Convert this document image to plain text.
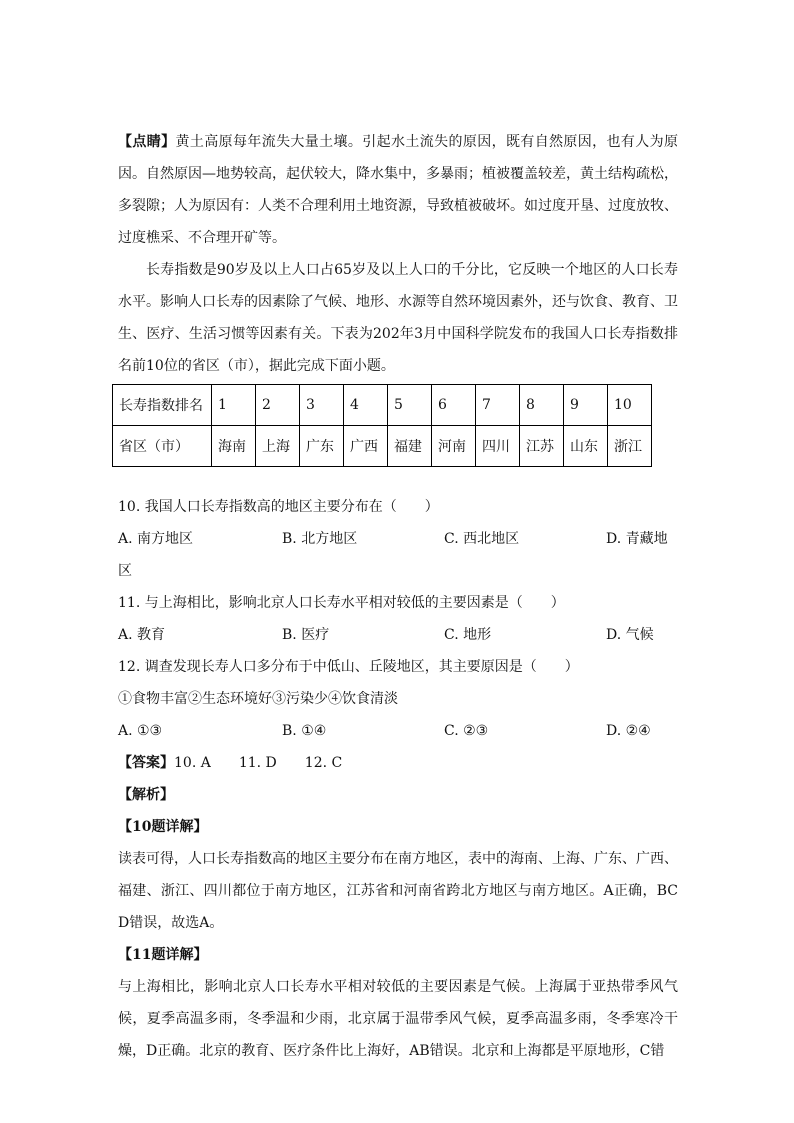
【点睛】黄土高原每年流失大量土壤。引起水土流失的原因，既有自然原因，也有人为原因。自然原因—地势较高，起伏较大，降水集中，多暴雨；植被覆盖较差，黄土结构疏松，多裂隙；人为原因有：人类不合理利用土地资源，导致植被破坏。如过度开垦、过度放牧、过度樵采、不合理开矿等。

长寿指数是90岁及以上人口占65岁及以上人口的千分比，它反映一个地区的人口长寿水平。影响人口长寿的因素除了气候、地形、水源等自然环境因素外，还与饮食、教育、卫生、医疗、生活习惯等因素有关。下表为202年3月中国科学院发布的我国人口长寿指数排名前10位的省区（市），据此完成下面小题。

长寿指数排名	1	2	3	4	5	6	7	8	9	10
省区（市）	海南	上海	广东	广西	福建	河南	四川	江苏	山东	浙江

10. 我国人口长寿指数高的地区主要分布在（　　）

A. 南方地区	B. 北方地区	C. 西北地区	D. 青藏地

区

11. 与上海相比，影响北京人口长寿水平相对较低的主要因素是（　　）

A. 教育	B. 医疗	C. 地形	D. 气候

12. 调查发现长寿人口多分布于中低山、丘陵地区，其主要原因是（　　）

①食物丰富②生态环境好③污染少④饮食清淡

A. ①③	B. ①④	C. ②③	D. ②④

【答案】10. A 11. D 12. C

【解析】

【10题详解】

读表可得，人口长寿指数高的地区主要分布在南方地区，表中的海南、上海、广东、广西、福建、浙江、四川都位于南方地区，江苏省和河南省跨北方地区与南方地区。A正确，BCD错误，故选A。

【11题详解】

与上海相比，影响北京人口长寿水平相对较低的主要因素是气候。上海属于亚热带季风气候，夏季高温多雨，冬季温和少雨，北京属于温带季风气候，夏季高温多雨，冬季寒冷干燥，D正确。北京的教育、医疗条件比上海好，AB错误。北京和上海都是平原地形，C错
